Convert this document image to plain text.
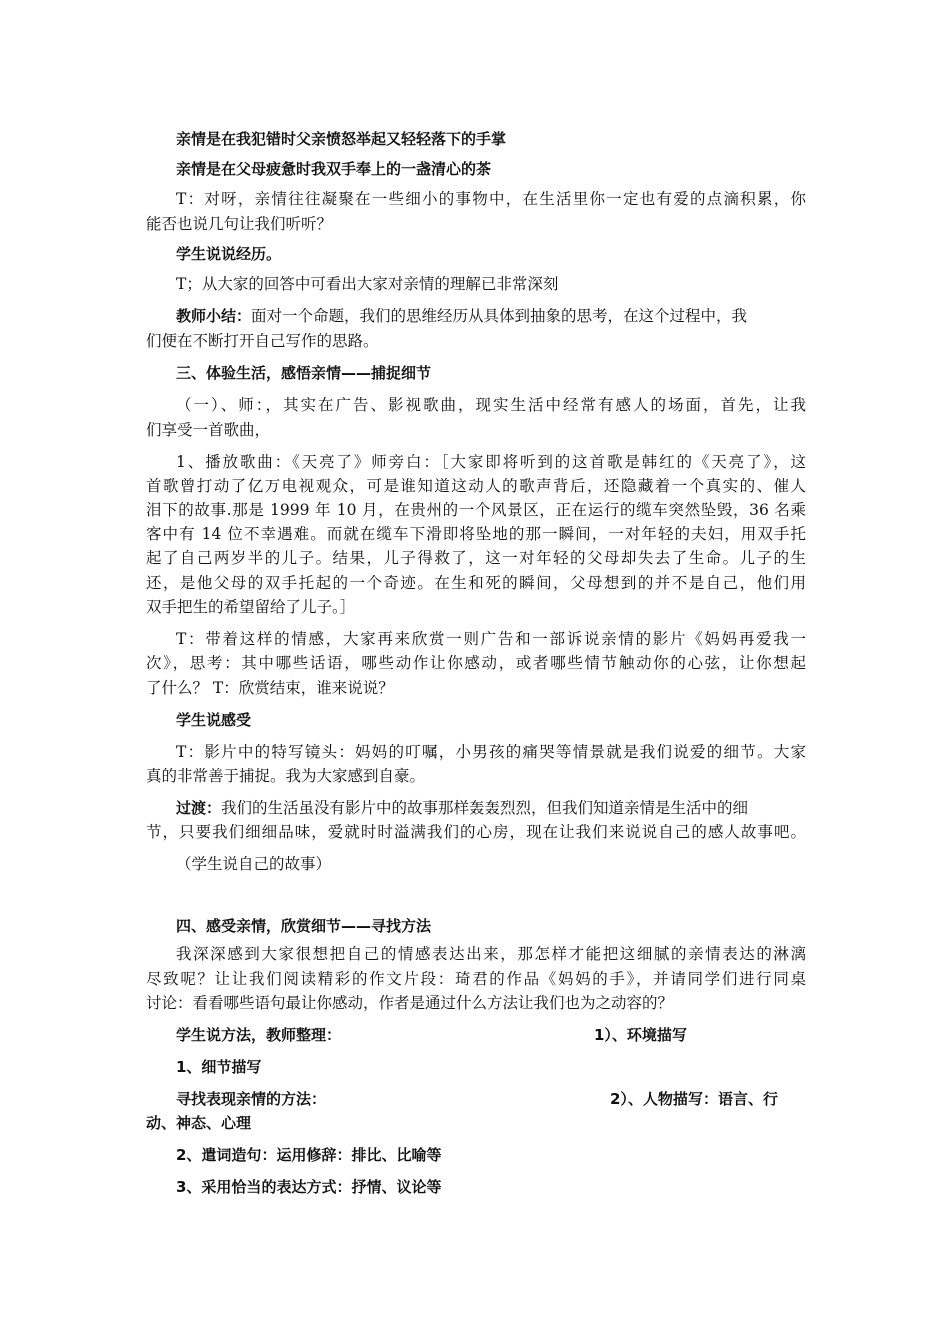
亲情是在我犯错时父亲愤怒举起又轻轻落下的手掌
亲情是在父母疲惫时我双手奉上的一盏清心的茶
T：对呀，亲情往往凝聚在一些细小的事物中，在生活里你一定也有爱的点滴积累，你
能否也说几句让我们听听？
学生说说经历。
T；从大家的回答中可看出大家对亲情的理解已非常深刻
教师小结：面对一个命题，我们的思维经历从具体到抽象的思考，在这个过程中，我
们便在不断打开自己写作的思路。
三、体验生活，感悟亲情——捕捉细节
（一）、师：，其实在广告、影视歌曲，现实生活中经常有感人的场面，首先，让我
们享受一首歌曲，
1、播放歌曲：《天亮了》师旁白：［大家即将听到的这首歌是韩红的《天亮了》，这
首歌曾打动了亿万电视观众，可是谁知道这动人的歌声背后，还隐藏着一个真实的、催人
泪下的故事.那是 1999 年 10 月，在贵州的一个风景区，正在运行的缆车突然坠毁，36 名乘
客中有 14 位不幸遇难。而就在缆车下滑即将坠地的那一瞬间，一对年轻的夫妇，用双手托
起了自己两岁半的儿子。结果，儿子得救了，这一对年轻的父母却失去了生命。儿子的生
还，是他父母的双手托起的一个奇迹。在生和死的瞬间，父母想到的并不是自己，他们用
双手把生的希望留给了儿子。］
T：带着这样的情感，大家再来欣赏一则广告和一部诉说亲情的影片《妈妈再爱我一
次》，思考：其中哪些话语，哪些动作让你感动，或者哪些情节触动你的心弦，让你想起
了什么？ T：欣赏结束，谁来说说？
学生说感受
T：影片中的特写镜头：妈妈的叮嘱，小男孩的痛哭等情景就是我们说爱的细节。大家
真的非常善于捕捉。我为大家感到自豪。
过渡：我们的生活虽没有影片中的故事那样轰轰烈烈，但我们知道亲情是生活中的细
节，只要我们细细品味，爱就时时溢满我们的心房，现在让我们来说说自己的感人故事吧。
（学生说自己的故事）
四、感受亲情，欣赏细节——寻找方法
我深深感到大家很想把自己的情感表达出来，那怎样才能把这细腻的亲情表达的淋漓
尽致呢？让让我们阅读精彩的作文片段：琦君的作品《妈妈的手》，并请同学们进行同桌
讨论：看看哪些语句最让你感动，作者是通过什么方法让我们也为之动容的？
学生说方法，教师整理：	1）、环境描写
1、细节描写
寻找表现亲情的方法：	2）、人物描写：语言、行
动、神态、心理
2、遣词造句：运用修辞：排比、比喻等
3、采用恰当的表达方式：抒情、议论等
